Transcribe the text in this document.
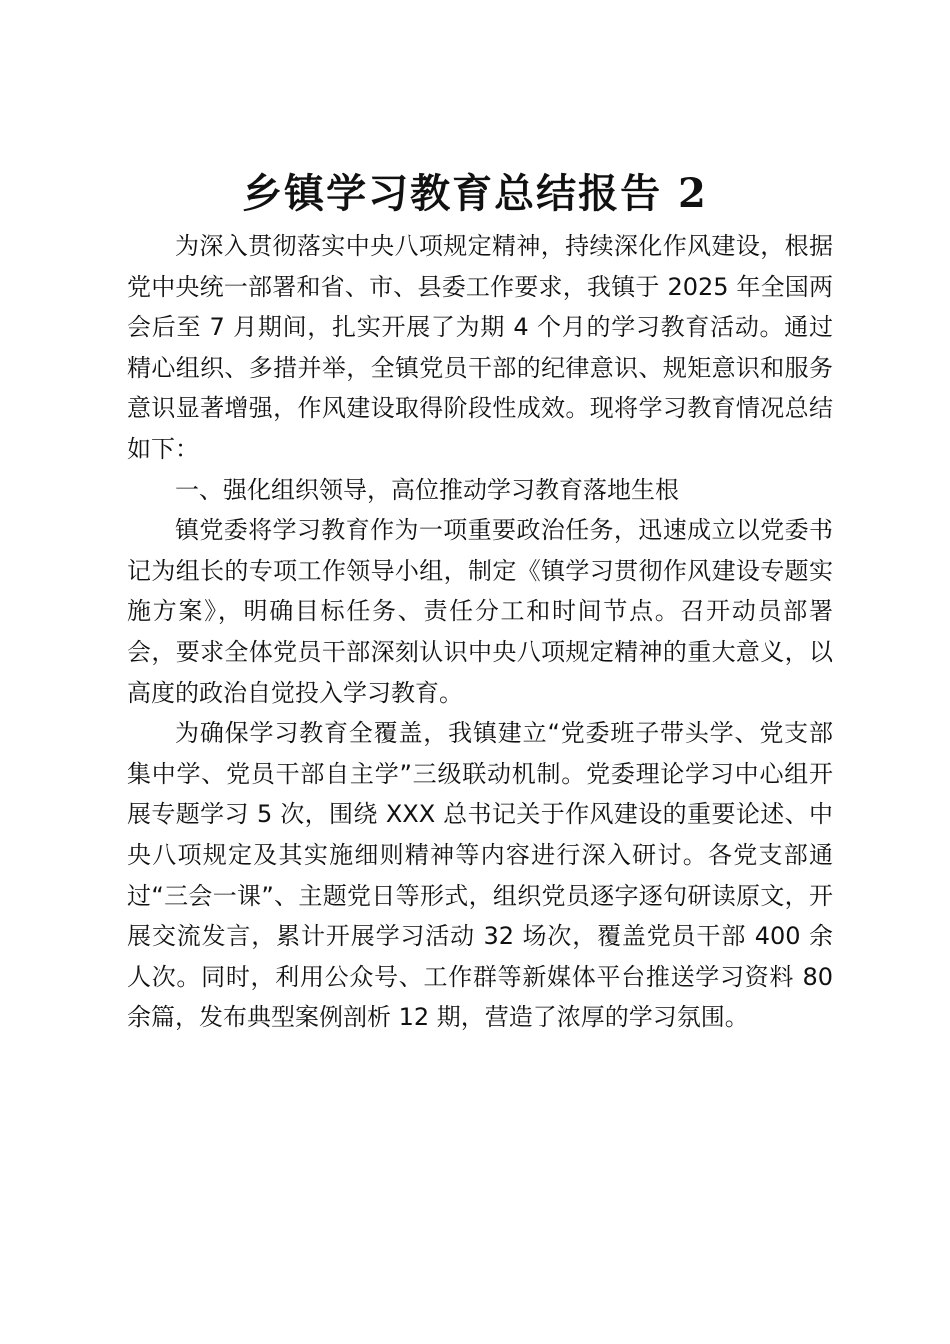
乡镇学习教育总结报告 2

为深入贯彻落实中央八项规定精神，持续深化作风建设，根据党中央统一部署和省、市、县委工作要求，我镇于 2025 年全国两会后至 7 月期间，扎实开展了为期 4 个月的学习教育活动。通过精心组织、多措并举，全镇党员干部的纪律意识、规矩意识和服务意识显著增强，作风建设取得阶段性成效。现将学习教育情况总结如下：

一、强化组织领导，高位推动学习教育落地生根

镇党委将学习教育作为一项重要政治任务，迅速成立以党委书记为组长的专项工作领导小组，制定《镇学习贯彻作风建设专题实施方案》，明确目标任务、责任分工和时间节点。召开动员部署会，要求全体党员干部深刻认识中央八项规定精神的重大意义，以高度的政治自觉投入学习教育。

为确保学习教育全覆盖，我镇建立“党委班子带头学、党支部集中学、党员干部自主学”三级联动机制。党委理论学习中心组开展专题学习 5 次，围绕 XXX 总书记关于作风建设的重要论述、中央八项规定及其实施细则精神等内容进行深入研讨。各党支部通过“三会一课”、主题党日等形式，组织党员逐字逐句研读原文，开展交流发言，累计开展学习活动 32 场次，覆盖党员干部 400 余人次。同时，利用公众号、工作群等新媒体平台推送学习资料 80 余篇，发布典型案例剖析 12 期，营造了浓厚的学习氛围。
